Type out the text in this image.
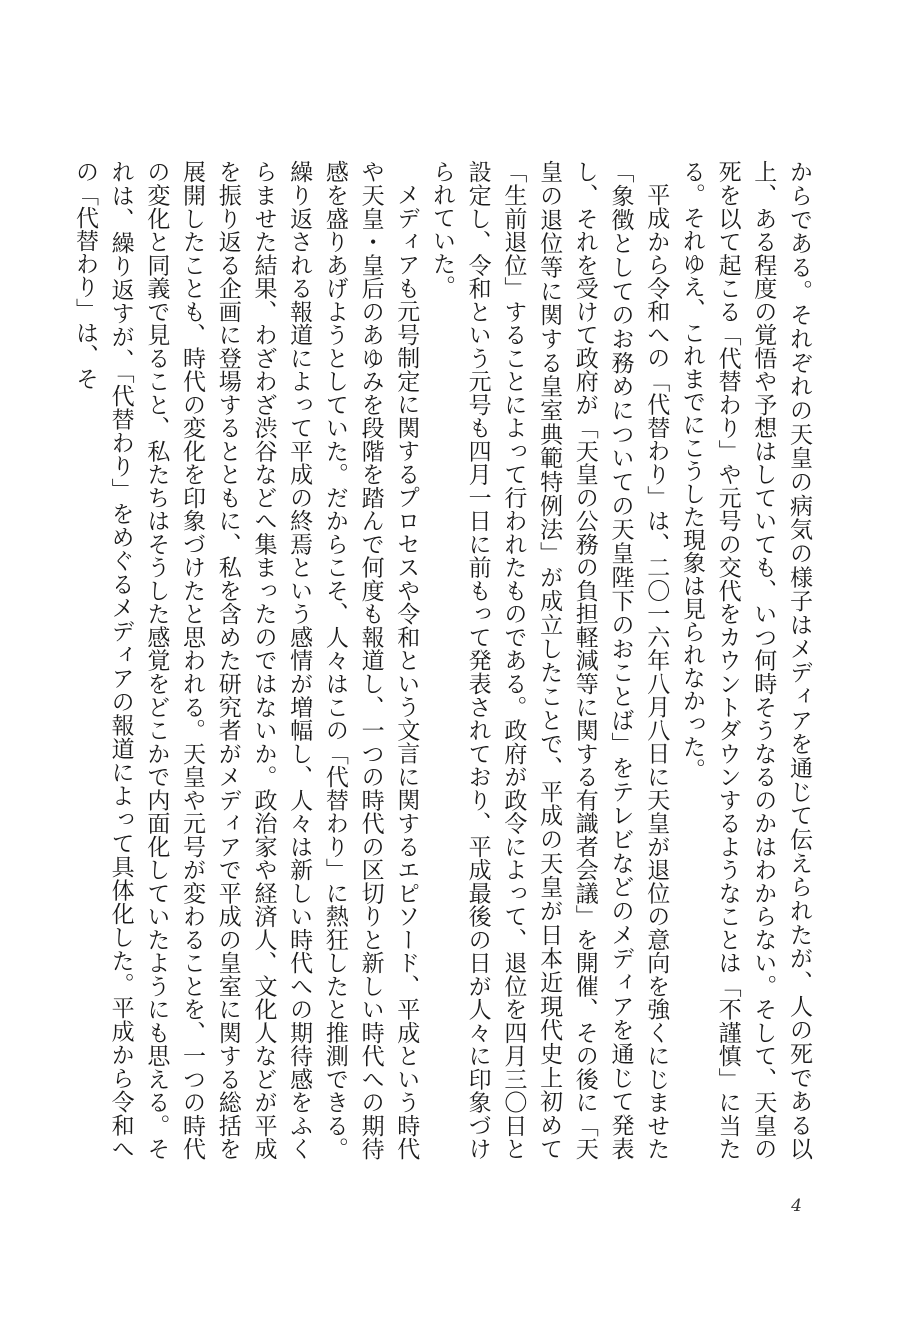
からである。それぞれの天皇の病気の様子はメディアを通じて伝えられたが、人の死である以上、ある程度の覚悟や予想はしていても、いつ何時そうなるのかはわからない。そして、天皇の死を以て起こる「代替わり」や元号の交代をカウントダウンするようなことは「不謹慎」に当たる。それゆえ、これまでにこうした現象は見られなかった。

平成から令和への「代替わり」は、二〇一六年八月八日に天皇が退位の意向を強くにじませた「象徴としてのお務めについての天皇陛下のおことば」をテレビなどのメディアを通じて発表し、それを受けて政府が「天皇の公務の負担軽減等に関する有識者会議」を開催、その後に「天皇の退位等に関する皇室典範特例法」が成立したことで、平成の天皇が日本近現代史上初めて「生前退位」することによって行われたものである。政府が政令によって、退位を四月三〇日と設定し、令和という元号も四月一日に前もって発表されており、平成最後の日が人々に印象づけられていた。

メディアも元号制定に関するプロセスや令和という文言に関するエピソード、平成という時代や天皇・皇后のあゆみを段階を踏んで何度も報道し、一つの時代の区切りと新しい時代への期待感を盛りあげようとしていた。だからこそ、人々はこの「代替わり」に熱狂したと推測できる。繰り返される報道によって平成の終焉という感情が増幅し、人々は新しい時代への期待感をふくらませた結果、わざわざ渋谷などへ集まったのではないか。政治家や経済人、文化人などが平成を振り返る企画に登場するとともに、私を含めた研究者がメディアで平成の皇室に関する総括を展開したことも、時代の変化を印象づけたと思われる。天皇や元号が変わることを、一つの時代の変化と同義で見ること、私たちはそうした感覚をどこかで内面化していたようにも思える。それは、繰り返すが、「代替わり」をめぐるメディアの報道によって具体化した。平成から令和への「代替わり」は、そ

4
